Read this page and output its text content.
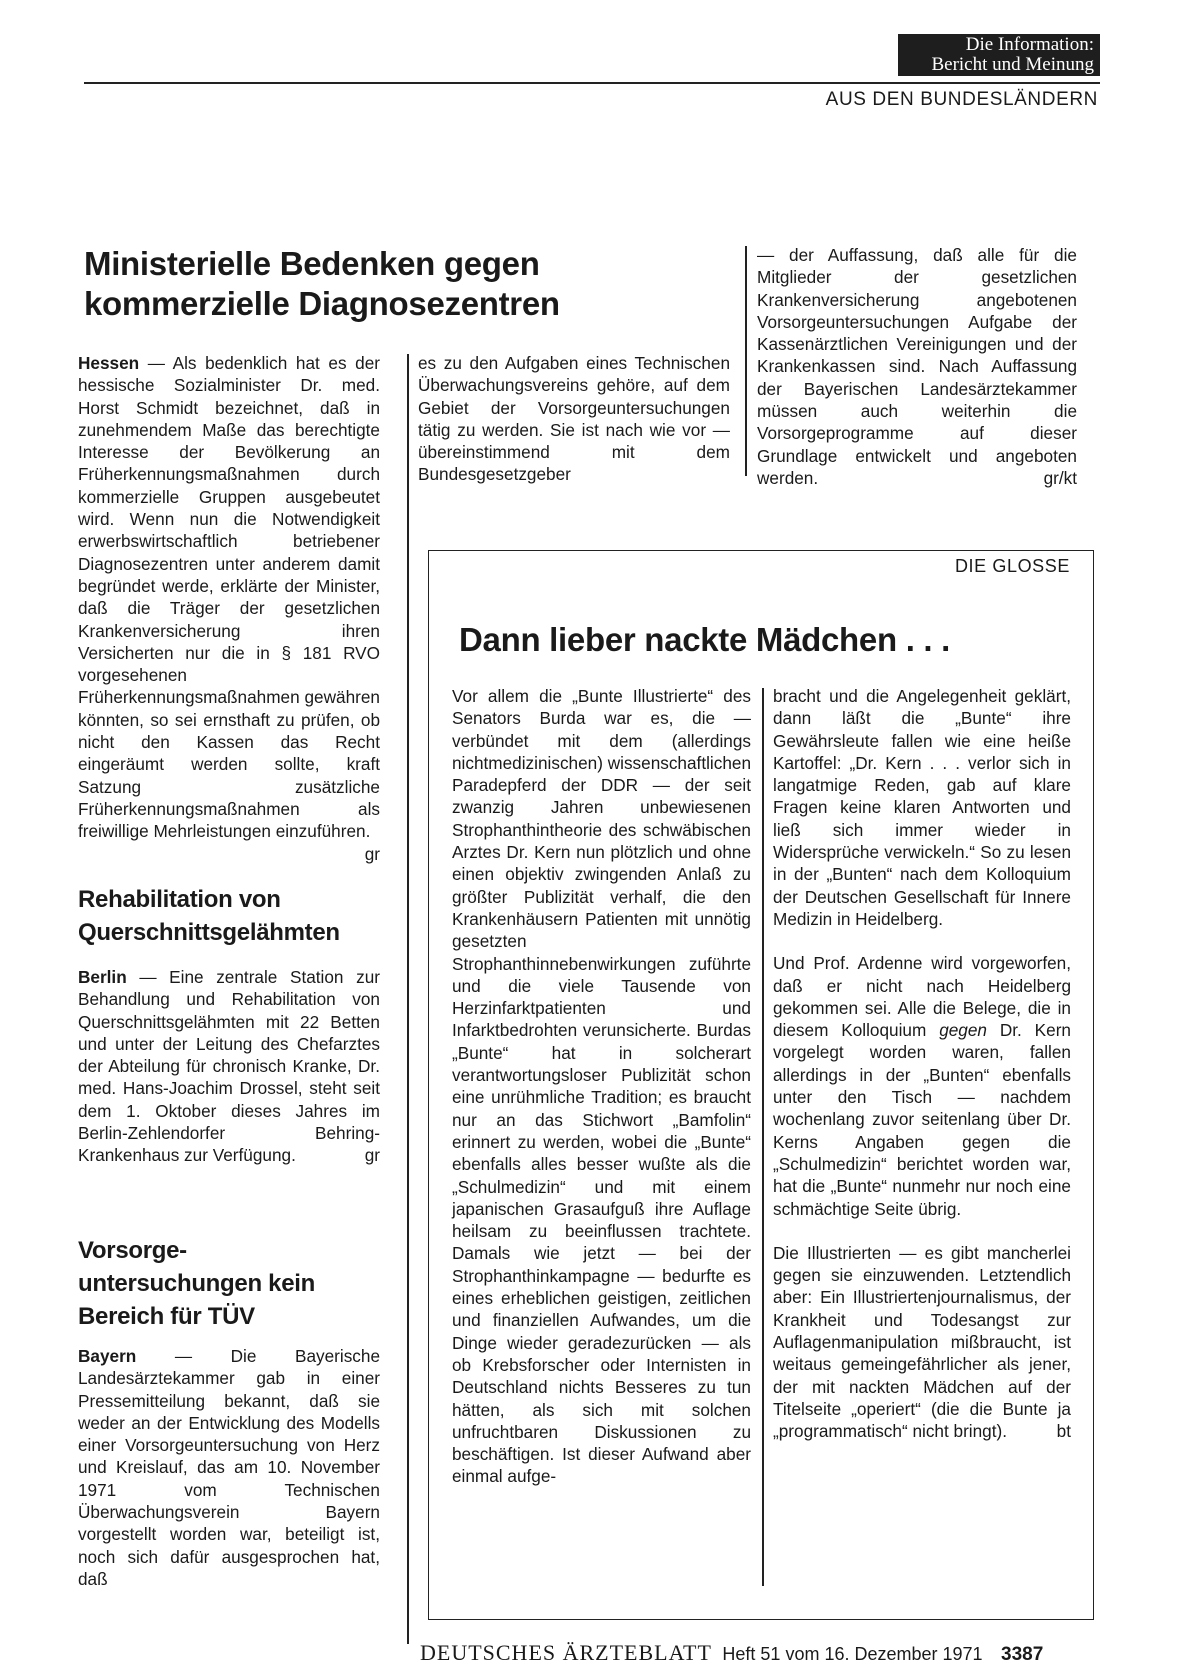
Die Information:
Bericht und Meinung
AUS DEN BUNDESLÄNDERN
Ministerielle Bedenken gegen
kommerzielle Diagnosezentren

Hessen — Als bedenklich hat es der hessische Sozialminister Dr. med. Horst Schmidt bezeichnet, daß in zunehmendem Maße das berechtigte Interesse der Bevölkerung an Früherkennungsmaßnahmen durch kommerzielle Gruppen ausgebeutet wird. Wenn nun die Notwendigkeit erwerbswirtschaftlich betriebener Diagnosezentren unter anderem damit begründet werde, erklärte der Minister, daß die Träger der gesetzlichen Krankenversicherung ihren Versicherten nur die in § 181 RVO vorgesehenen Früherkennungsmaßnahmen gewähren könnten, so sei ernsthaft zu prüfen, ob nicht den Kassen das Recht eingeräumt werden sollte, kraft Satzung zusätzliche Früherkennungsmaßnahmen als freiwillige Mehrleistungen einzuführen.
gr

Rehabilitation von
Querschnittsgelähmten

Berlin — Eine zentrale Station zur Behandlung und Rehabilitation von Querschnittsgelähmten mit 22 Betten und unter der Leitung des Chefarztes der Abteilung für chronisch Kranke, Dr. med. Hans-Joachim Drossel, steht seit dem 1. Oktober dieses Jahres im Berlin-Zehlendorfer Behring-Krankenhaus zur Verfügung.	gr

Vorsorge-
untersuchungen kein
Bereich für TÜV

Bayern — Die Bayerische Landesärztekammer gab in einer Pressemitteilung bekannt, daß sie weder an der Entwicklung des Modells einer Vorsorgeuntersuchung von Herz und Kreislauf, das am 10. November 1971 vom Technischen Überwachungsverein Bayern vorgestellt worden war, beteiligt ist, noch sich dafür ausgesprochen hat, daß

es zu den Aufgaben eines Technischen Überwachungsvereins gehöre, auf dem Gebiet der Vorsorgeuntersuchungen tätig zu werden. Sie ist nach wie vor — übereinstimmend mit dem Bundesgesetzgeber

— der Auffassung, daß alle für die Mitglieder der gesetzlichen Krankenversicherung angebotenen Vorsorgeuntersuchungen Aufgabe der Kassenärztlichen Vereinigungen und der Krankenkassen sind. Nach Auffassung der Bayerischen Landesärztekammer müssen auch weiterhin die Vorsorgeprogramme auf dieser Grundlage entwickelt und angeboten werden.	gr/kt

DIE GLOSSE
Dann lieber nackte Mädchen . . .

Vor allem die „Bunte Illustrierte“ des Senators Burda war es, die — verbündet mit dem (allerdings nichtmedizinischen) wissenschaftlichen Paradepferd der DDR — der seit zwanzig Jahren unbewiesenen Strophanthintheorie des schwäbischen Arztes Dr. Kern nun plötzlich und ohne einen objektiv zwingenden Anlaß zu größter Publizität verhalf, die den Krankenhäusern Patienten mit unnötig gesetzten Strophanthinnebenwirkungen zuführte und die viele Tausende von Herzinfarktpatienten und Infarktbedrohten verunsicherte. Burdas „Bunte“ hat in solcherart verantwortungsloser Publizität schon eine unrühmliche Tradition; es braucht nur an das Stichwort „Bamfolin“ erinnert zu werden, wobei die „Bunte“ ebenfalls alles besser wußte als die „Schulmedizin“ und mit einem japanischen Grasaufguß ihre Auflage heilsam zu beeinflussen trachtete. Damals wie jetzt — bei der Strophanthinkampagne — bedurfte es eines erheblichen geistigen, zeitlichen und finanziellen Aufwandes, um die Dinge wieder geradezurücken — als ob Krebsforscher oder Internisten in Deutschland nichts Besseres zu tun hätten, als sich mit solchen unfruchtbaren Diskussionen zu beschäftigen. Ist dieser Aufwand aber einmal aufge-

bracht und die Angelegenheit geklärt, dann läßt die „Bunte“ ihre Gewährsleute fallen wie eine heiße Kartoffel: „Dr. Kern . . . verlor sich in langatmige Reden, gab auf klare Fragen keine klaren Antworten und ließ sich immer wieder in Widersprüche verwickeln.“ So zu lesen in der „Bunten“ nach dem Kolloquium der Deutschen Gesellschaft für Innere Medizin in Heidelberg.

Und Prof. Ardenne wird vorgeworfen, daß er nicht nach Heidelberg gekommen sei. Alle die Belege, die in diesem Kolloquium gegen Dr. Kern vorgelegt worden waren, fallen allerdings in der „Bunten“ ebenfalls unter den Tisch — nachdem wochenlang zuvor seitenlang über Dr. Kerns Angaben gegen die „Schulmedizin“ berichtet worden war, hat die „Bunte“ nunmehr nur noch eine schmächtige Seite übrig.

Die Illustrierten — es gibt mancherlei gegen sie einzuwenden. Letztendlich aber: Ein Illustriertenjournalismus, der Krankheit und Todesangst zur Auflagenmanipulation mißbraucht, ist weitaus gemeingefährlicher als jener, der mit nackten Mädchen auf der Titelseite „operiert“ (die die Bunte ja „programmatisch“ nicht bringt).	bt

DEUTSCHES ÄRZTEBLATT Heft 51 vom 16. Dezember 1971 3387
